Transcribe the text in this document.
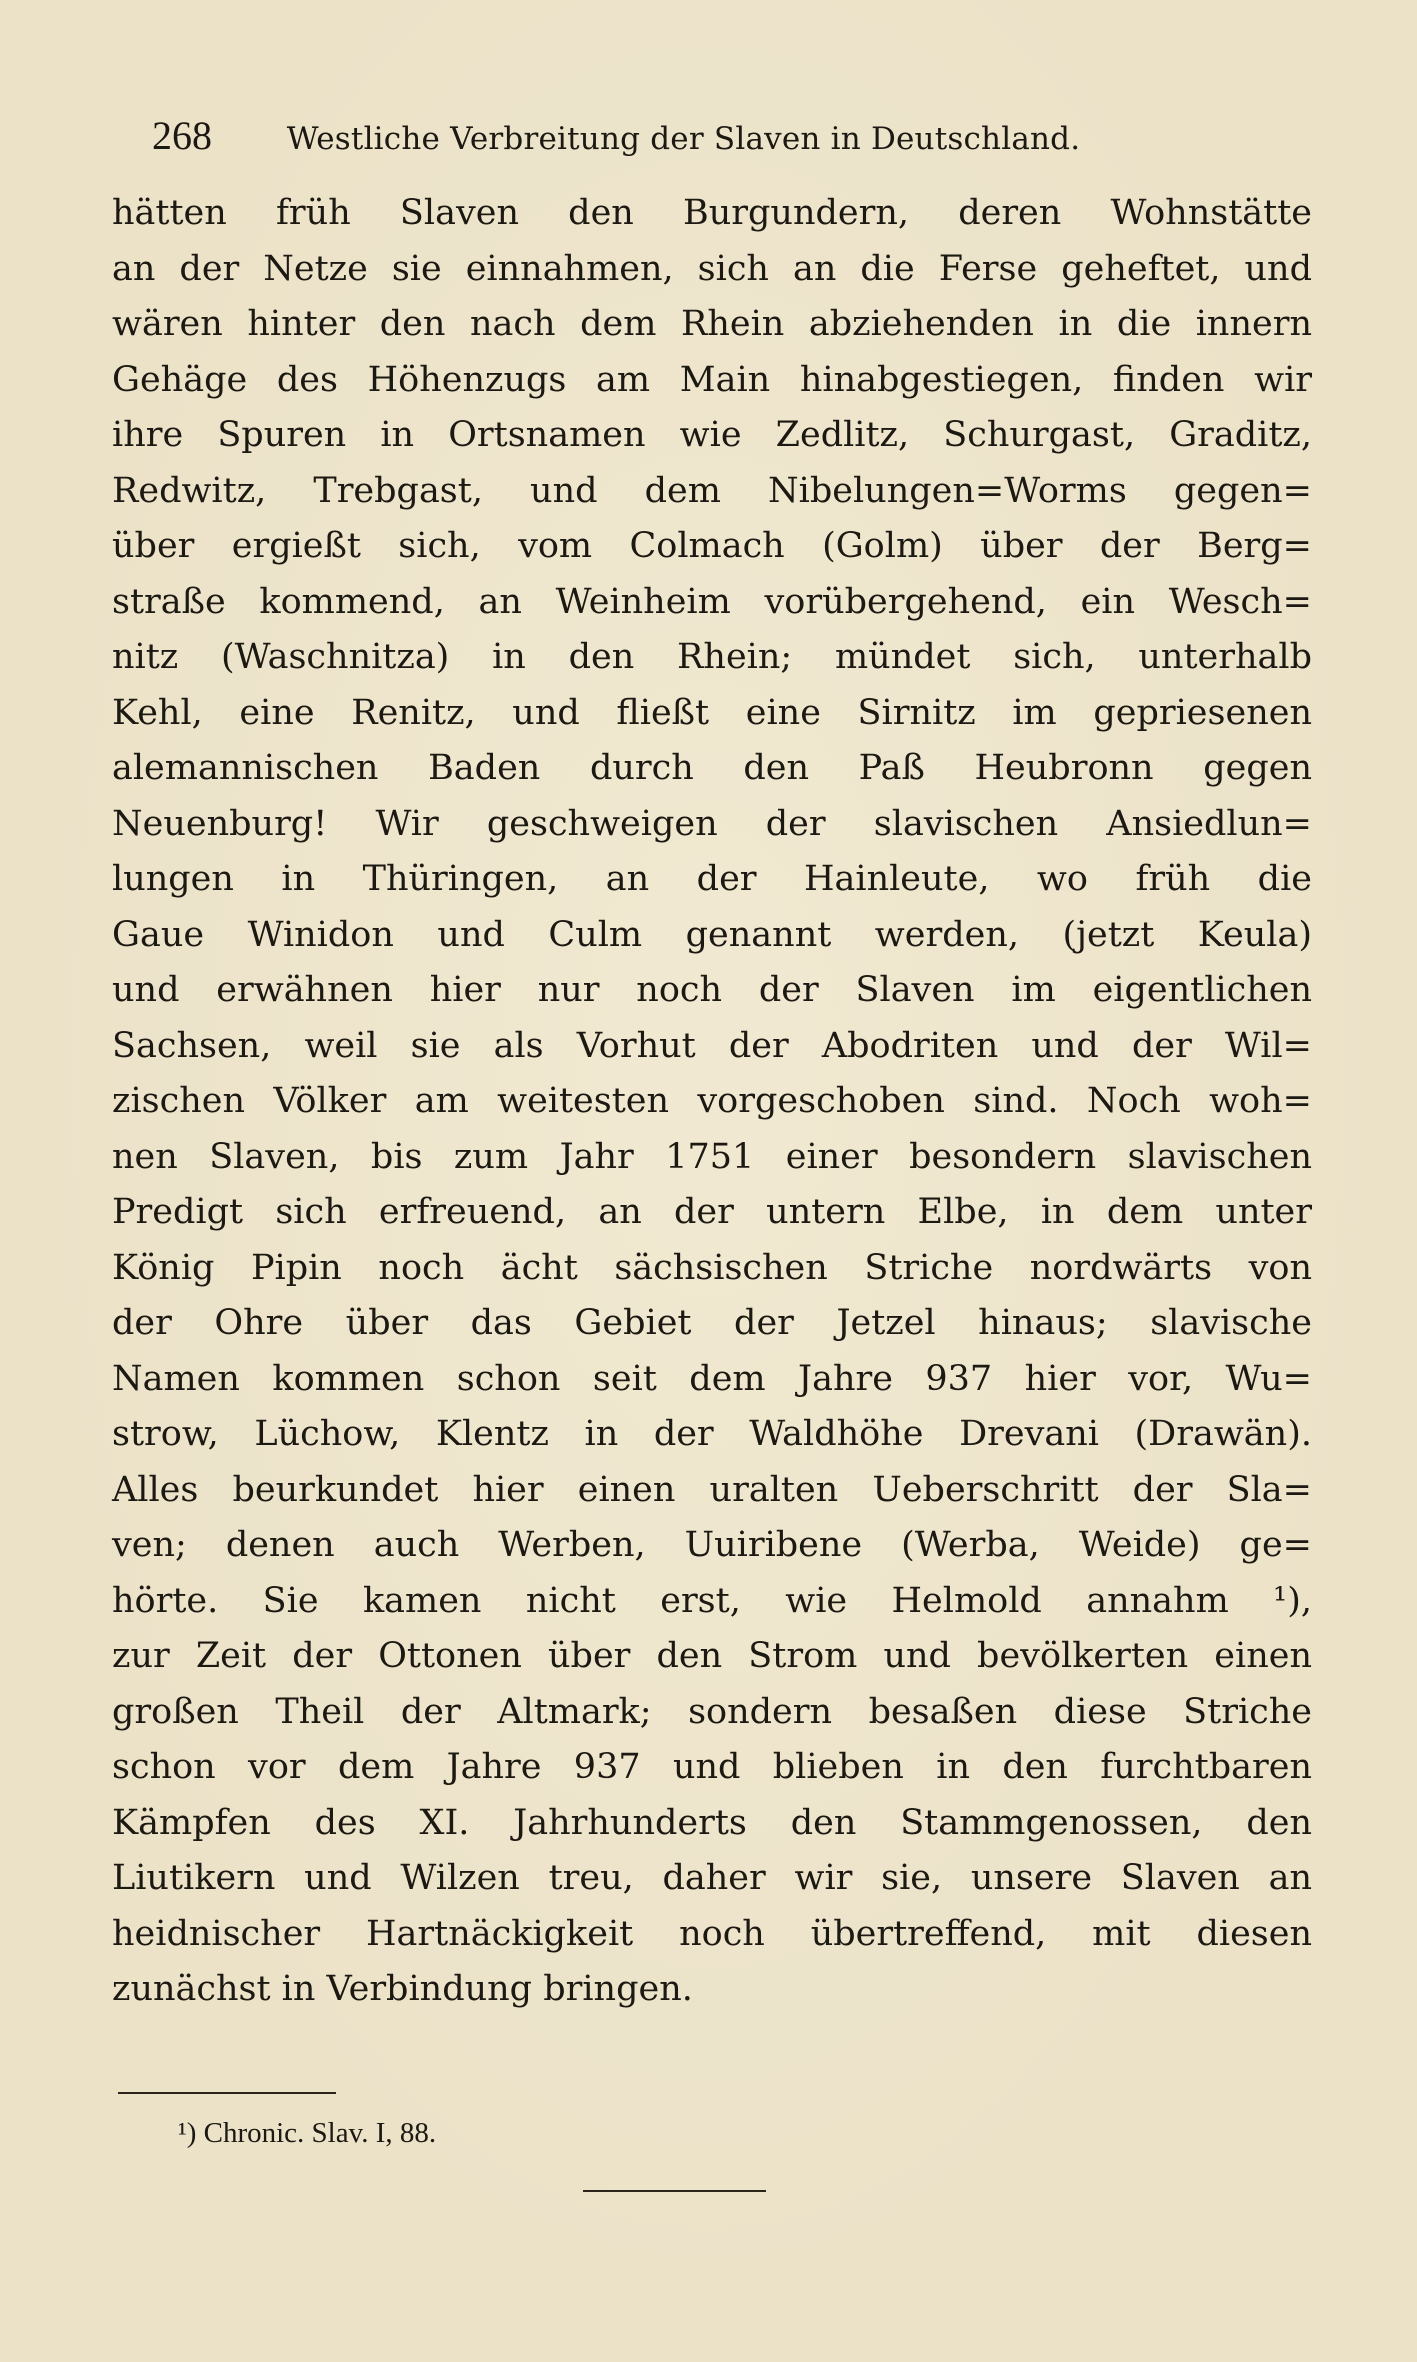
268 Westliche Verbreitung der Slaven in Deutschland.
hätten früh Slaven den Burgundern, deren Wohnstätte
an der Netze sie einnahmen, sich an die Ferse geheftet, und
wären hinter den nach dem Rhein abziehenden in die innern
Gehäge des Höhenzugs am Main hinabgestiegen, finden wir
ihre Spuren in Ortsnamen wie Zedlitz, Schurgast, Graditz,
Redwitz, Trebgast, und dem Nibelungen=Worms gegen=
über ergießt sich, vom Colmach (Golm) über der Berg=
straße kommend, an Weinheim vorübergehend, ein Wesch=
nitz (Waschnitza) in den Rhein; mündet sich, unterhalb
Kehl, eine Renitz, und fließt eine Sirnitz im gepriesenen
alemannischen Baden durch den Paß Heubronn gegen
Neuenburg! Wir geschweigen der slavischen Ansiedlun=
lungen in Thüringen, an der Hainleute, wo früh die
Gaue Winidon und Culm genannt werden, (jetzt Keula)
und erwähnen hier nur noch der Slaven im eigentlichen
Sachsen, weil sie als Vorhut der Abodriten und der Wil=
zischen Völker am weitesten vorgeschoben sind. Noch woh=
nen Slaven, bis zum Jahr 1751 einer besondern slavischen
Predigt sich erfreuend, an der untern Elbe, in dem unter
König Pipin noch ächt sächsischen Striche nordwärts von
der Ohre über das Gebiet der Jetzel hinaus; slavische
Namen kommen schon seit dem Jahre 937 hier vor, Wu=
strow, Lüchow, Klentz in der Waldhöhe Drevani (Drawän).
Alles beurkundet hier einen uralten Ueberschritt der Sla=
ven; denen auch Werben, Uuiribene (Werba, Weide) ge=
hörte. Sie kamen nicht erst, wie Helmold annahm ¹),
zur Zeit der Ottonen über den Strom und bevölkerten einen
großen Theil der Altmark; sondern besaßen diese Striche
schon vor dem Jahre 937 und blieben in den furchtbaren
Kämpfen des XI. Jahrhunderts den Stammgenossen, den
Liutikern und Wilzen treu, daher wir sie, unsere Slaven an
heidnischer Hartnäckigkeit noch übertreffend, mit diesen
zunächst in Verbindung bringen.
¹) Chronic. Slav. I, 88.
